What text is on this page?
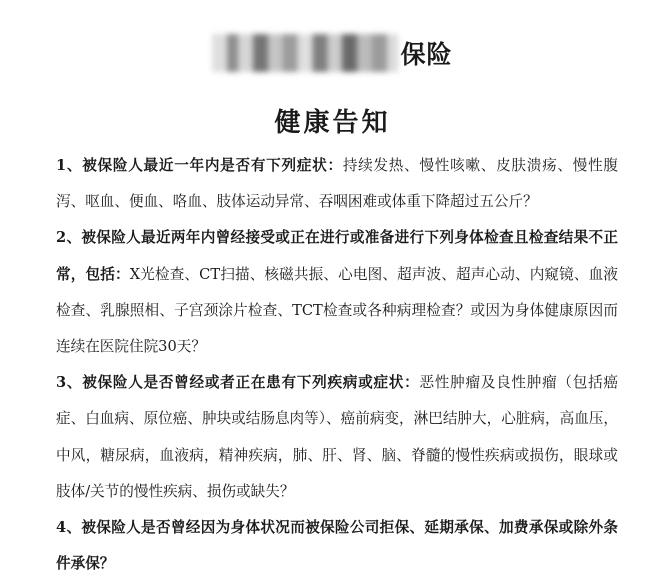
保险
健康告知
1、被保险人最近一年内是否有下列症状：持续发热、慢性咳嗽、皮肤溃疡、慢性腹泻、呕血、便血、咯血、肢体运动异常、吞咽困难或体重下降超过五公斤？
2、被保险人最近两年内曾经接受或正在进行或准备进行下列身体检查且检查结果不正常，包括：X光检查、CT扫描、核磁共振、心电图、超声波、超声心动、内窥镜、血液检查、乳腺照相、子宫颈涂片检查、TCT检查或各种病理检查？或因为身体健康原因而连续在医院住院30天？
3、被保险人是否曾经或者正在患有下列疾病或症状：恶性肿瘤及良性肿瘤（包括癌症、白血病、原位癌、肿块或结肠息肉等）、癌前病变，淋巴结肿大，心脏病，高血压，中风，糖尿病，血液病，精神疾病，肺、肝、肾、脑、脊髓的慢性疾病或损伤，眼球或肢体/关节的慢性疾病、损伤或缺失？
4、被保险人是否曾经因为身体状况而被保险公司拒保、延期承保、加费承保或除外条件承保？
